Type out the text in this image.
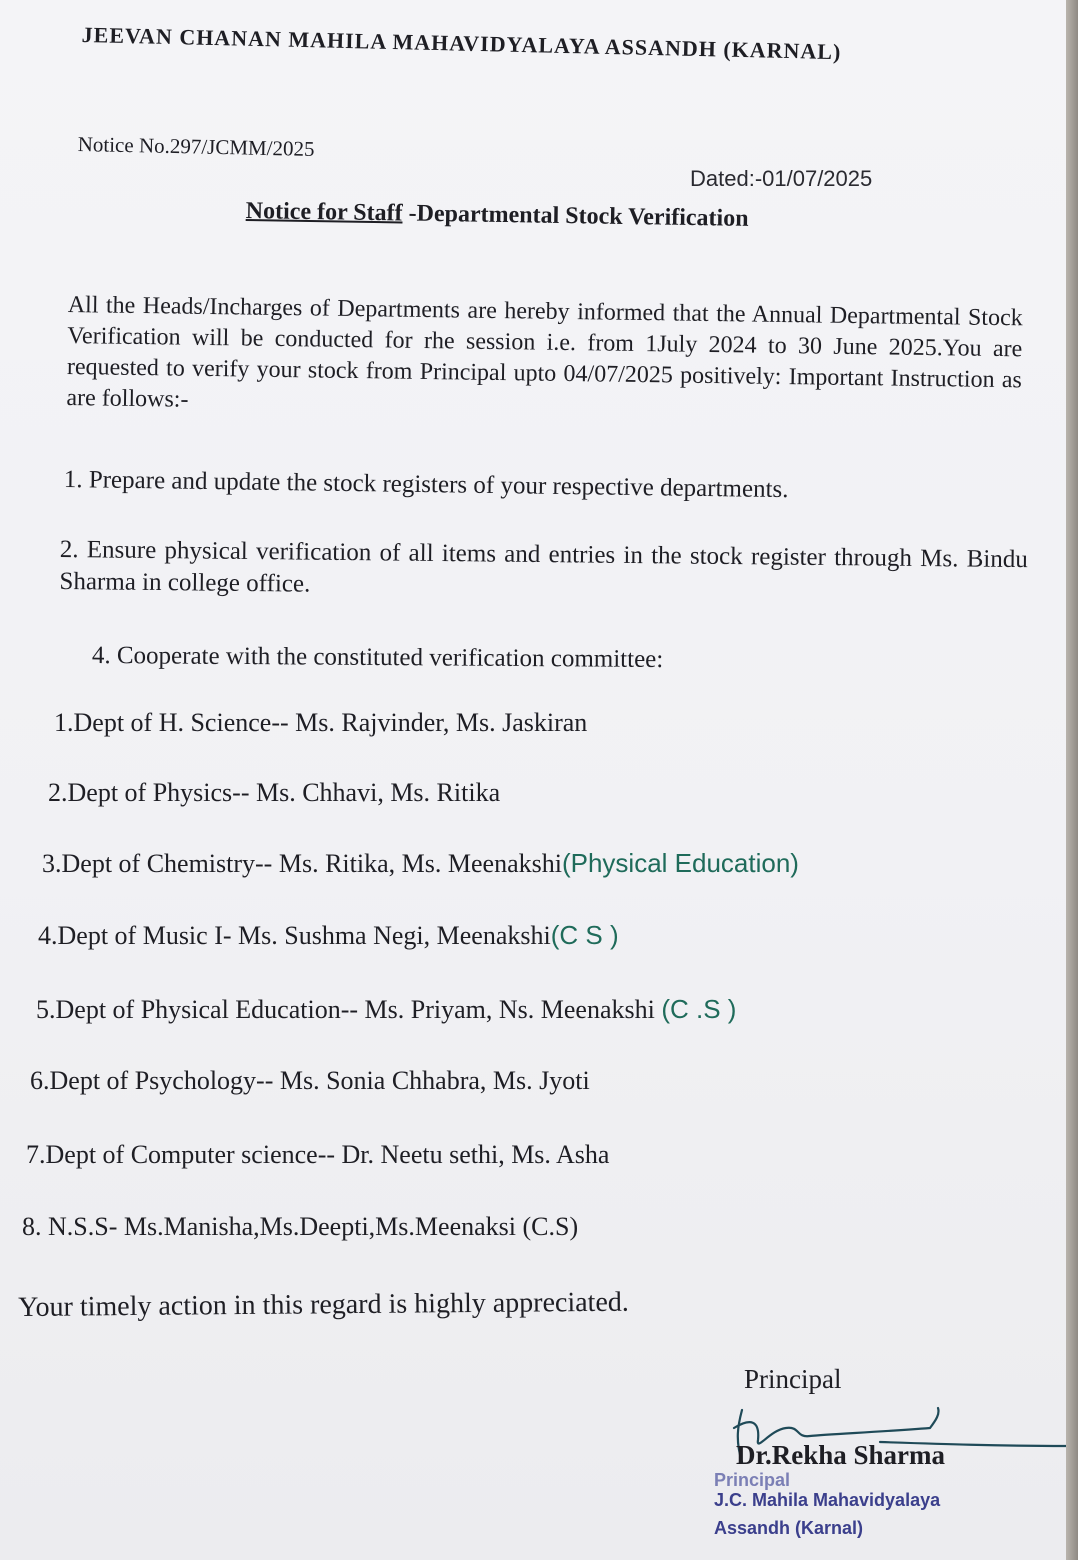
JEEVAN CHANAN MAHILA MAHAVIDYALAYA ASSANDH (KARNAL)
Notice No.297/JCMM/2025
Dated:-01/07/2025
Notice for Staff -Departmental Stock Verification
All the Heads/Incharges of Departments are hereby informed that the Annual Departmental Stock Verification will be conducted for rhe session i.e. from 1July 2024 to 30 June 2025.You are requested to verify your stock from Principal upto 04/07/2025 positively: Important Instruction as are follows:-
1. Prepare and update the stock registers of your respective departments.
2. Ensure physical verification of all items and entries in the stock register through Ms. Bindu Sharma in college office.
4. Cooperate with the constituted verification committee:
1.Dept of H. Science-- Ms. Rajvinder, Ms. Jaskiran
2.Dept of Physics-- Ms. Chhavi, Ms. Ritika
3.Dept of Chemistry-- Ms. Ritika, Ms. Meenakshi(Physical Education)
4.Dept of Music I- Ms. Sushma Negi, Meenakshi(C S )
5.Dept of Physical Education-- Ms. Priyam, Ns. Meenakshi (C .S )
6.Dept of Psychology-- Ms. Sonia Chhabra, Ms. Jyoti
7.Dept of Computer science-- Dr. Neetu sethi, Ms. Asha
8. N.S.S- Ms.Manisha,Ms.Deepti,Ms.Meenaksi (C.S)
Your timely action in this regard is highly appreciated.
Principal
Dr.Rekha Sharma
Principal
J.C. Mahila Mahavidyalaya
Assandh (Karnal)
